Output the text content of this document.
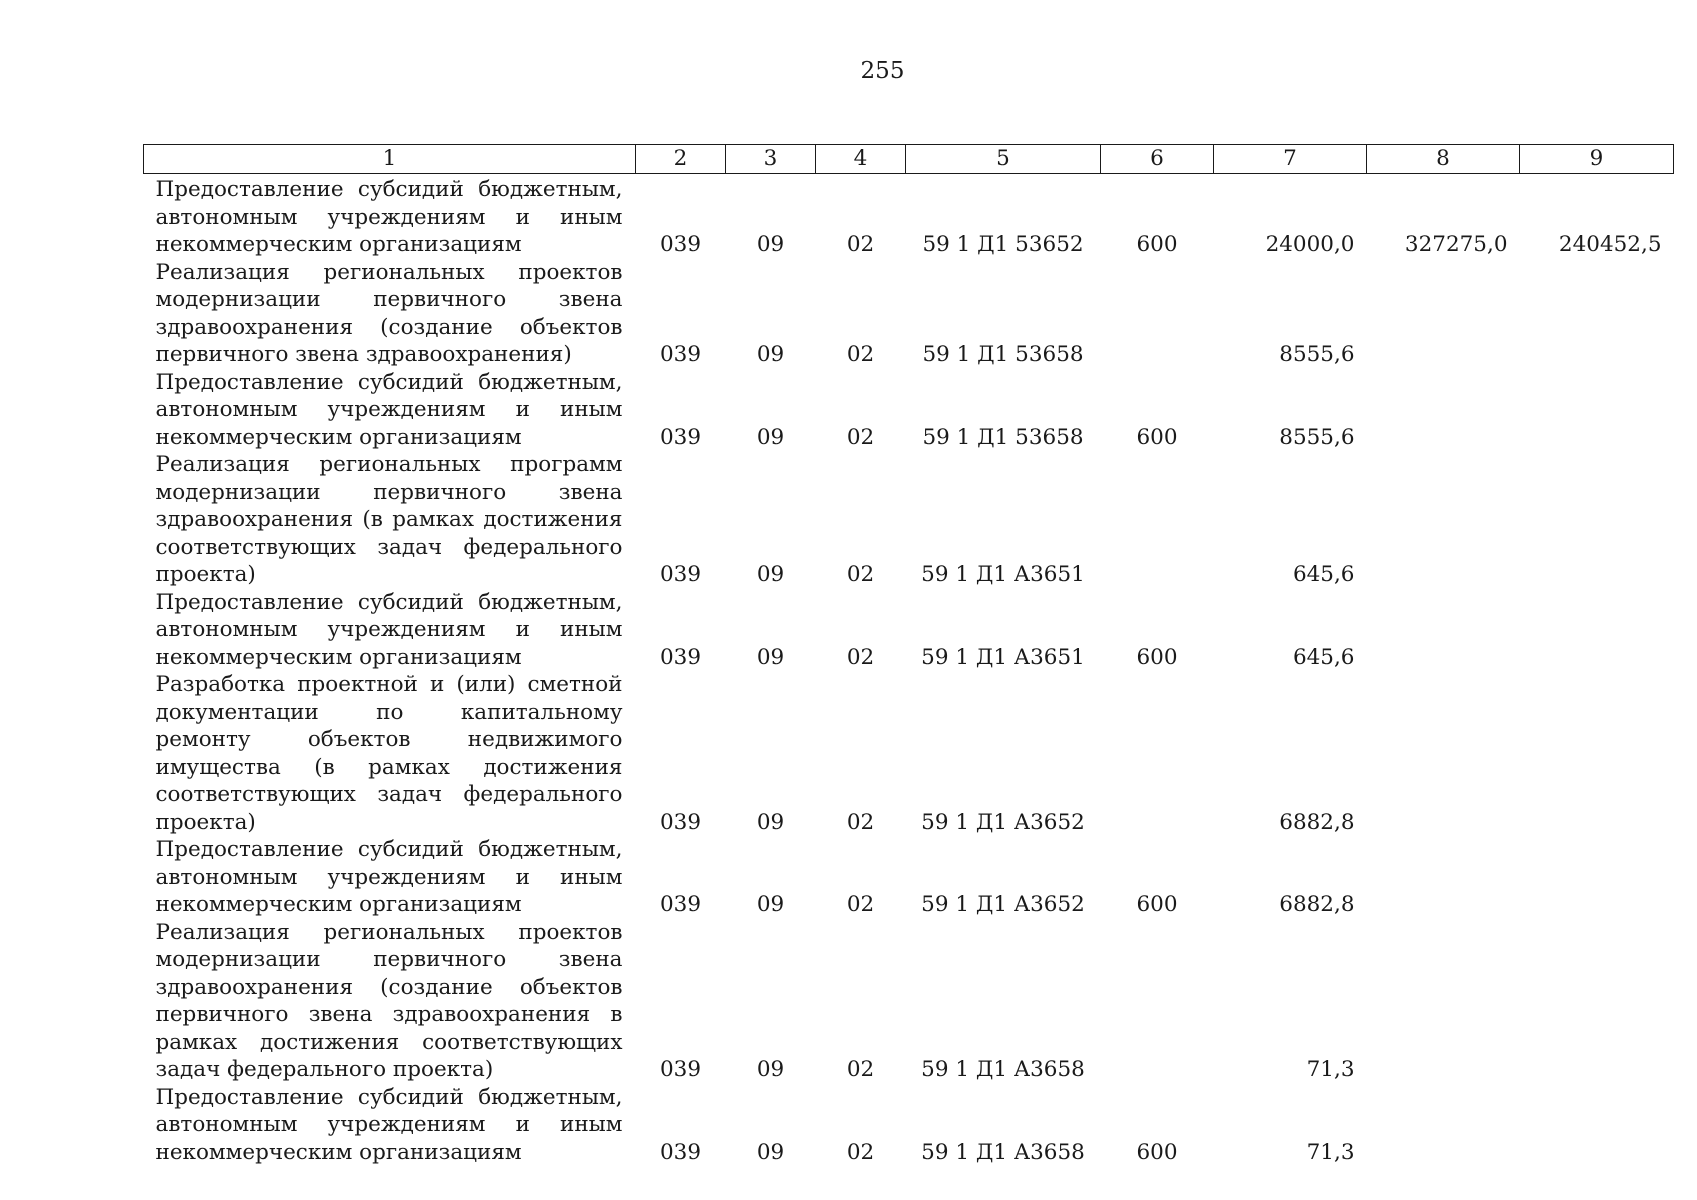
255
1	2	3	4	5	6	7	8	9
Предоставление субсидий бюджетным, автономным учреждениям и иным некоммерческим организациям	039	09	02	59 1 Д1 53652	600	24000,0	327275,0	240452,5
Реализация региональных проектов модернизации первичного звена здравоохранения (создание объектов первичного звена здравоохранения)	039	09	02	59 1 Д1 53658		8555,6		
Предоставление субсидий бюджетным, автономным учреждениям и иным некоммерческим организациям	039	09	02	59 1 Д1 53658	600	8555,6		
Реализация региональных программ модернизации первичного звена здравоохранения (в рамках достижения соответствующих задач федерального проекта)	039	09	02	59 1 Д1 А3651		645,6		
Предоставление субсидий бюджетным, автономным учреждениям и иным некоммерческим организациям	039	09	02	59 1 Д1 А3651	600	645,6		
Разработка проектной и (или) сметной документации по капитальному ремонту объектов недвижимого имущества (в рамках достижения соответствующих задач федерального проекта)	039	09	02	59 1 Д1 А3652		6882,8		
Предоставление субсидий бюджетным, автономным учреждениям и иным некоммерческим организациям	039	09	02	59 1 Д1 А3652	600	6882,8		
Реализация региональных проектов модернизации первичного звена здравоохранения (создание объектов первичного звена здравоохранения в рамках достижения соответствующих задач федерального проекта)	039	09	02	59 1 Д1 А3658		71,3		
Предоставление субсидий бюджетным, автономным учреждениям и иным некоммерческим организациям	039	09	02	59 1 Д1 А3658	600	71,3		
